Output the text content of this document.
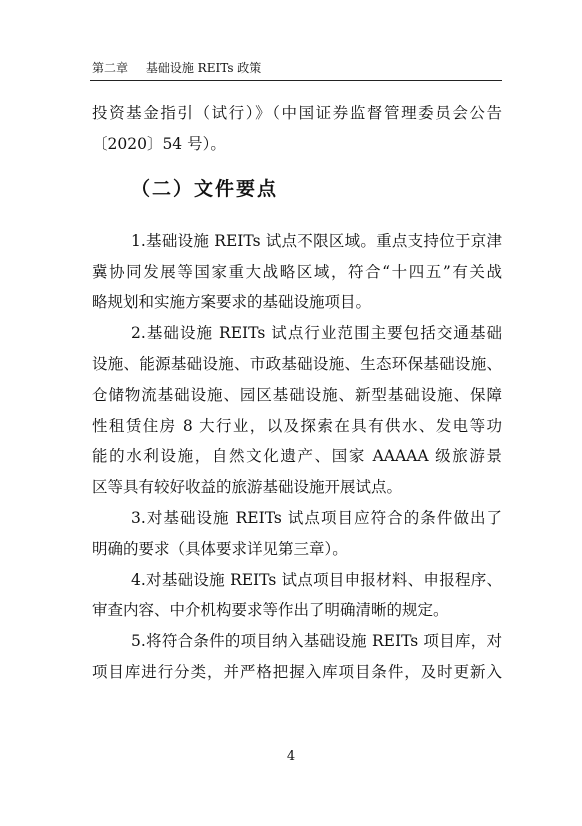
第二章 基础设施 REITs 政策
投资基金指引（试行）》（中国证券监督管理委员会公告
〔2020〕54 号）。
（二）文件要点
1.基础设施 REITs 试点不限区域。重点支持位于京津
冀协同发展等国家重大战略区域，符合“十四五”有关战
略规划和实施方案要求的基础设施项目。
2.基础设施 REITs 试点行业范围主要包括交通基础
设施、能源基础设施、市政基础设施、生态环保基础设施、
仓储物流基础设施、园区基础设施、新型基础设施、保障
性租赁住房 8 大行业，以及探索在具有供水、发电等功
能的水利设施，自然文化遗产、国家 AAAAA 级旅游景
区等具有较好收益的旅游基础设施开展试点。
3.对基础设施 REITs 试点项目应符合的条件做出了
明确的要求（具体要求详见第三章）。
4.对基础设施 REITs 试点项目申报材料、申报程序、
审查内容、中介机构要求等作出了明确清晰的规定。
5.将符合条件的项目纳入基础设施 REITs 项目库，对
项目库进行分类，并严格把握入库项目条件，及时更新入
4
